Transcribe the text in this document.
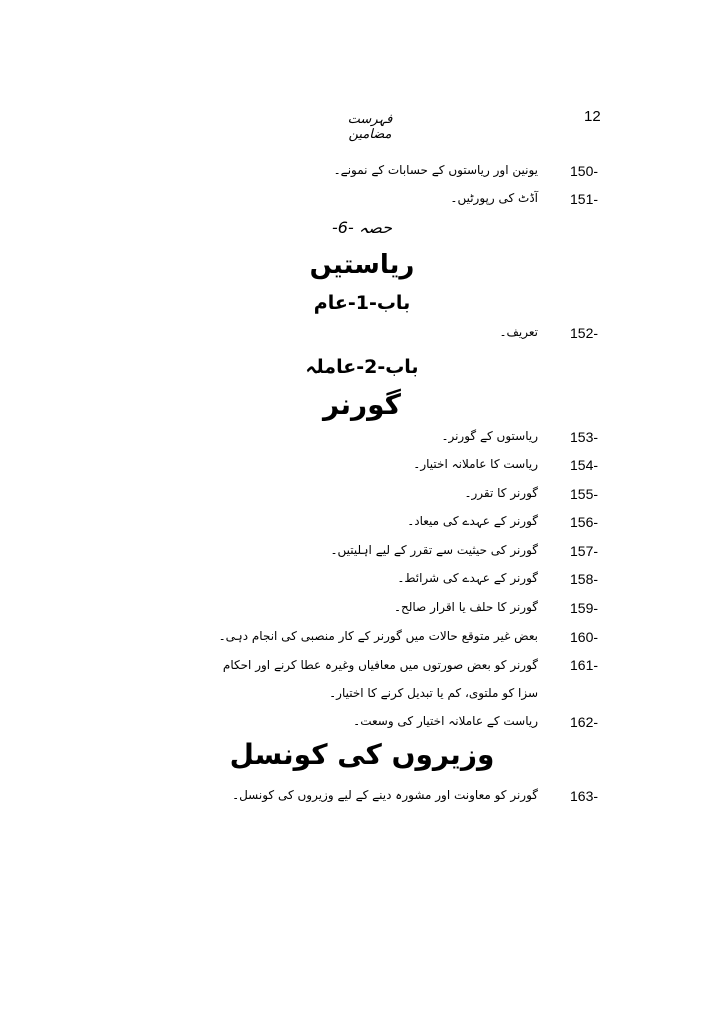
12
فہرست مضامین
150-
یونین اور ریاستوں کے حسابات کے نمونے۔
151-
آڈٹ کی رپورٹیں۔
حصہ -6-
ریاستیں
باب-1-عام
152-
تعریف۔
باب-2-عاملہ
گورنر
153-
ریاستوں کے گورنر۔
154-
ریاست کا عاملانہ اختیار۔
155-
گورنر کا تقرر۔
156-
گورنر کے عہدے کی میعاد۔
157-
گورنر کی حیثیت سے تقرر کے لیے اہلیتیں۔
158-
گورنر کے عہدے کی شرائط۔
159-
گورنر کا حلف یا اقرار صالح۔
160-
بعض غیر متوقع حالات میں گورنر کے کار منصبی کی انجام دہی۔
161-
گورنر کو بعض صورتوں میں معافیاں وغیرہ عطا کرنے اور احکام سزا کو ملتوی، کم یا تبدیل کرنے کا اختیار۔
162-
ریاست کے عاملانہ اختیار کی وسعت۔
وزیروں کی کونسل
163-
گورنر کو معاونت اور مشورہ دینے کے لیے وزیروں کی کونسل۔
